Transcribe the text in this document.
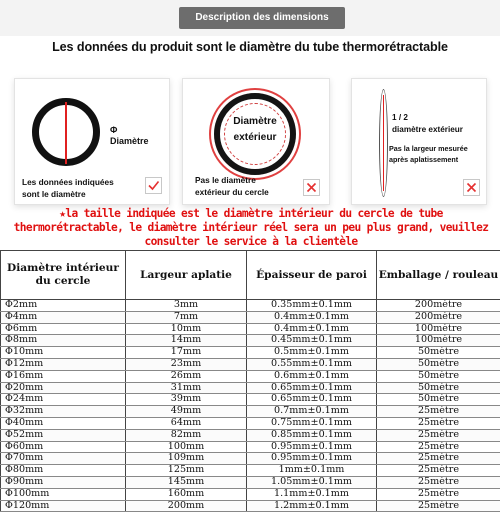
Description des dimensions
Les données du produit sont le diamètre du tube thermorétractable
Φ
Diamètre
Les données indiquées
sont le diamètre
Diamètre
extérieur
Pas le diamètre
extérieur du cercle
1 / 2
diamètre extérieur
Pas la largeur mesurée
après aplatissement
★la taille indiquée est le diamètre intérieur du cercle de tube thermorétractable, le diamètre intérieur réel sera un peu plus grand, veuillez consulter le service à la clientèle
Diamètre intérieur du cercle	Largeur aplatie	Épaisseur de paroi	Emballage / rouleau
Φ2mm	3mm	0.35mm±0.1mm	200mètre
Φ4mm	7mm	0.4mm±0.1mm	200mètre
Φ6mm	10mm	0.4mm±0.1mm	100mètre
Φ8mm	14mm	0.45mm±0.1mm	100mètre
Φ10mm	17mm	0.5mm±0.1mm	50mètre
Φ12mm	23mm	0.55mm±0.1mm	50mètre
Φ16mm	26mm	0.6mm±0.1mm	50mètre
Φ20mm	31mm	0.65mm±0.1mm	50mètre
Φ24mm	39mm	0.65mm±0.1mm	50mètre
Φ32mm	49mm	0.7mm±0.1mm	25mètre
Φ40mm	64mm	0.75mm±0.1mm	25mètre
Φ52mm	82mm	0.85mm±0.1mm	25mètre
Φ60mm	100mm	0.95mm±0.1mm	25mètre
Φ70mm	109mm	0.95mm±0.1mm	25mètre
Φ80mm	125mm	1mm±0.1mm	25mètre
Φ90mm	145mm	1.05mm±0.1mm	25mètre
Φ100mm	160mm	1.1mm±0.1mm	25mètre
Φ120mm	200mm	1.2mm±0.1mm	25mètre
